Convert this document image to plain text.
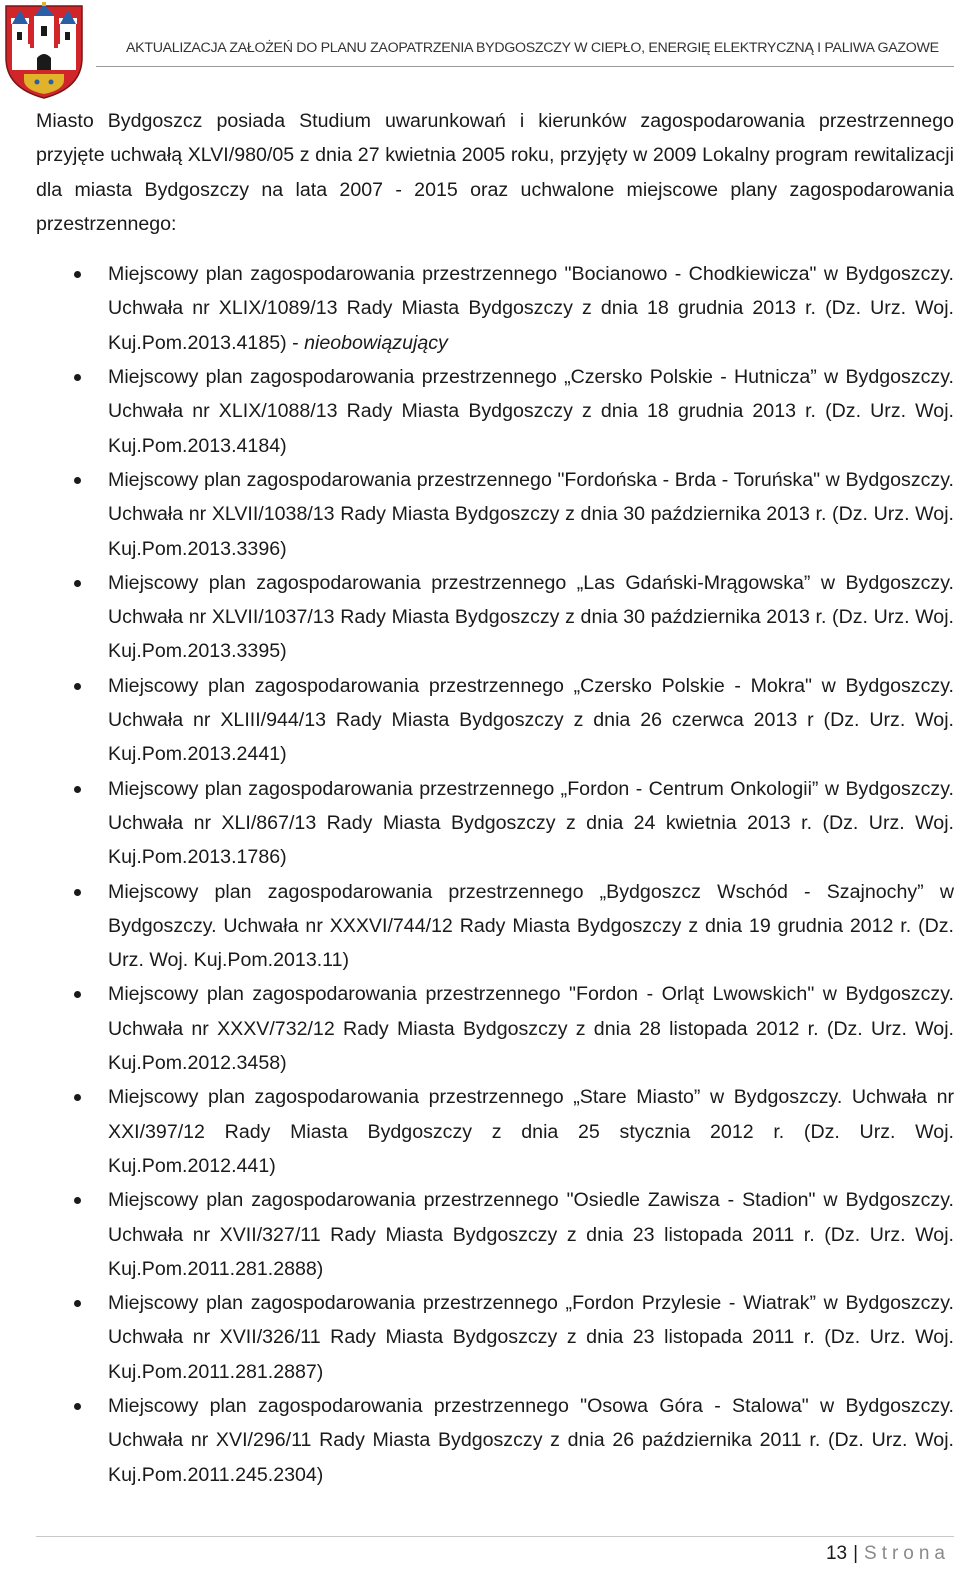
AKTUALIZACJA ZAŁOŻEŃ DO PLANU ZAOPATRZENIA BYDGOSZCZY W CIEPŁO, ENERGIĘ ELEKTRYCZNĄ I PALIWA GAZOWE

Miasto Bydgoszcz posiada Studium uwarunkowań i kierunków zagospodarowania przestrzennego przyjęte uchwałą XLVI/980/05 z dnia 27 kwietnia 2005 roku, przyjęty w 2009 Lokalny program rewitalizacji dla miasta Bydgoszczy na lata 2007 - 2015 oraz uchwalone miejscowe plany zagospodarowania przestrzennego:

Miejscowy plan zagospodarowania przestrzennego "Bocianowo - Chodkiewicza" w Bydgoszczy. Uchwała nr XLIX/1089/13 Rady Miasta Bydgoszczy z dnia 18 grudnia 2013 r. (Dz. Urz. Woj. Kuj.Pom.2013.4185) - nieobowiązujący
Miejscowy plan zagospodarowania przestrzennego „Czersko Polskie - Hutnicza” w Bydgoszczy. Uchwała nr XLIX/1088/13 Rady Miasta Bydgoszczy z dnia 18 grudnia 2013 r. (Dz. Urz. Woj. Kuj.Pom.2013.4184)
Miejscowy plan zagospodarowania przestrzennego "Fordońska - Brda - Toruńska" w Bydgoszczy. Uchwała nr XLVII/1038/13 Rady Miasta Bydgoszczy z dnia 30 października 2013 r. (Dz. Urz. Woj. Kuj.Pom.2013.3396)
Miejscowy plan zagospodarowania przestrzennego „Las Gdański-Mrągowska” w Bydgoszczy. Uchwała nr XLVII/1037/13 Rady Miasta Bydgoszczy z dnia 30 października 2013 r. (Dz. Urz. Woj. Kuj.Pom.2013.3395)
Miejscowy plan zagospodarowania przestrzennego „Czersko Polskie - Mokra" w Bydgoszczy. Uchwała nr XLIII/944/13 Rady Miasta Bydgoszczy z dnia 26 czerwca 2013 r (Dz. Urz. Woj. Kuj.Pom.2013.2441)
Miejscowy plan zagospodarowania przestrzennego „Fordon - Centrum Onkologii” w Bydgoszczy. Uchwała nr XLI/867/13 Rady Miasta Bydgoszczy z dnia 24 kwietnia 2013 r. (Dz. Urz. Woj. Kuj.Pom.2013.1786)
Miejscowy plan zagospodarowania przestrzennego „Bydgoszcz Wschód - Szajnochy” w Bydgoszczy. Uchwała nr XXXVI/744/12 Rady Miasta Bydgoszczy z dnia 19 grudnia 2012 r. (Dz. Urz. Woj. Kuj.Pom.2013.11)
Miejscowy plan zagospodarowania przestrzennego "Fordon - Orląt Lwowskich" w Bydgoszczy. Uchwała nr XXXV/732/12 Rady Miasta Bydgoszczy z dnia 28 listopada 2012 r. (Dz. Urz. Woj. Kuj.Pom.2012.3458)
Miejscowy plan zagospodarowania przestrzennego „Stare Miasto” w Bydgoszczy. Uchwała nr XXI/397/12 Rady Miasta Bydgoszczy z dnia 25 stycznia 2012 r. (Dz. Urz. Woj. Kuj.Pom.2012.441)
Miejscowy plan zagospodarowania przestrzennego "Osiedle Zawisza - Stadion" w Bydgoszczy. Uchwała nr XVII/327/11 Rady Miasta Bydgoszczy z dnia 23 listopada 2011 r. (Dz. Urz. Woj. Kuj.Pom.2011.281.2888)
Miejscowy plan zagospodarowania przestrzennego „Fordon Przylesie - Wiatrak” w Bydgoszczy. Uchwała nr XVII/326/11 Rady Miasta Bydgoszczy z dnia 23 listopada 2011 r. (Dz. Urz. Woj. Kuj.Pom.2011.281.2887)
Miejscowy plan zagospodarowania przestrzennego "Osowa Góra - Stalowa" w Bydgoszczy. Uchwała nr XVI/296/11 Rady Miasta Bydgoszczy z dnia 26 października 2011 r. (Dz. Urz. Woj. Kuj.Pom.2011.245.2304)
13 | Strona
